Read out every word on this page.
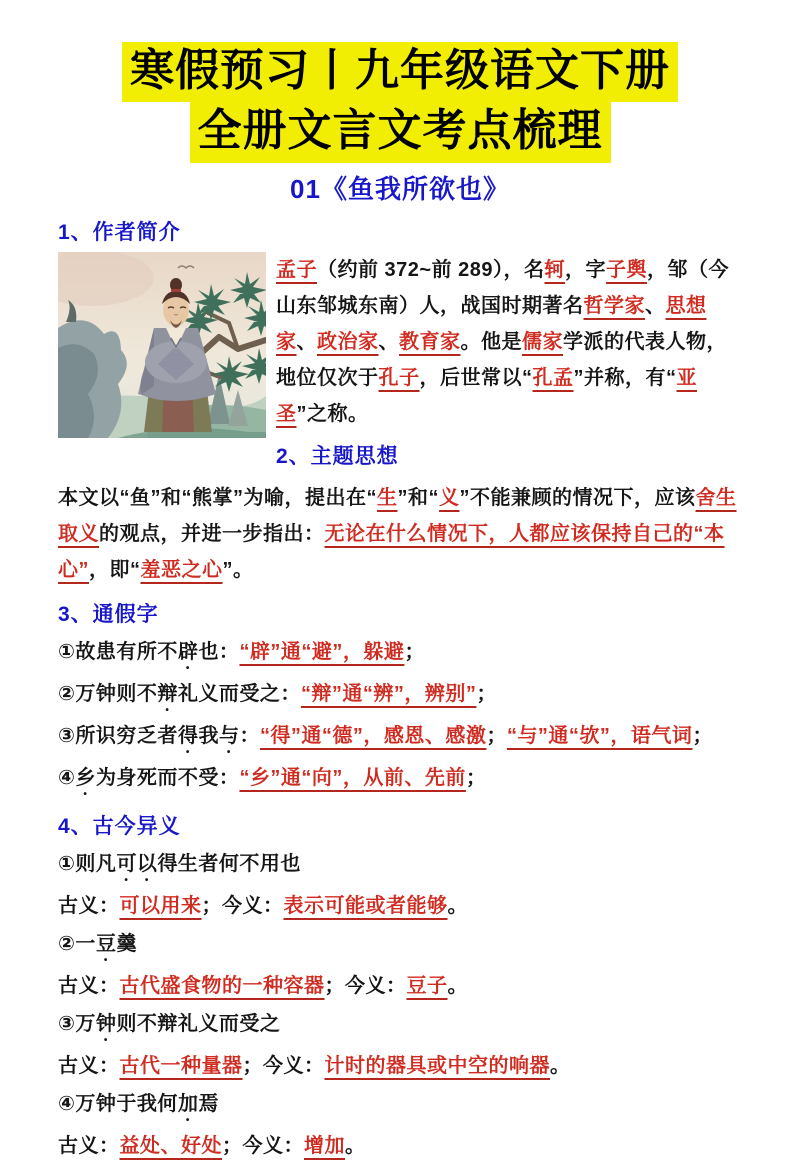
寒假预习丨九年级语文下册
全册文言文考点梳理
01《鱼我所欲也》
1、作者简介

孟子（约前 372~前 289），名轲，字子舆，邹（今山东邹城东南）人，战国时期著名哲学家、思想家、政治家、教育家。他是儒家学派的代表人物，地位仅次于孔子，后世常以“孔孟”并称，有“亚圣”之称。

2、主题思想

本文以“鱼”和“熊掌”为喻，提出在“生”和“义”不能兼顾的情况下，应该舍生取义的观点，并进一步指出：无论在什么情况下，人都应该保持自己的“本心”，即“羞恶之心”。

3、通假字

①故患有所不辟也：“辟”通“避”，躲避；

②万钟则不辩礼义而受之：“辩”通“辨”，辨别”；

③所识穷乏者得我与：“得”通“德”，感恩、感激；“与”通“欤”，语气词；

④乡为身死而不受：“乡”通“向”，从前、先前；

4、古今异义

①则凡可以得生者何不用也

古义：可以用来；今义：表示可能或者能够。

②一豆羹

古义：古代盛食物的一种容器；今义：豆子。

③万钟则不辩礼义而受之

古义：古代一种量器；今义：计时的器具或中空的响器。

④万钟于我何加焉

古义：益处、好处；今义：增加。
